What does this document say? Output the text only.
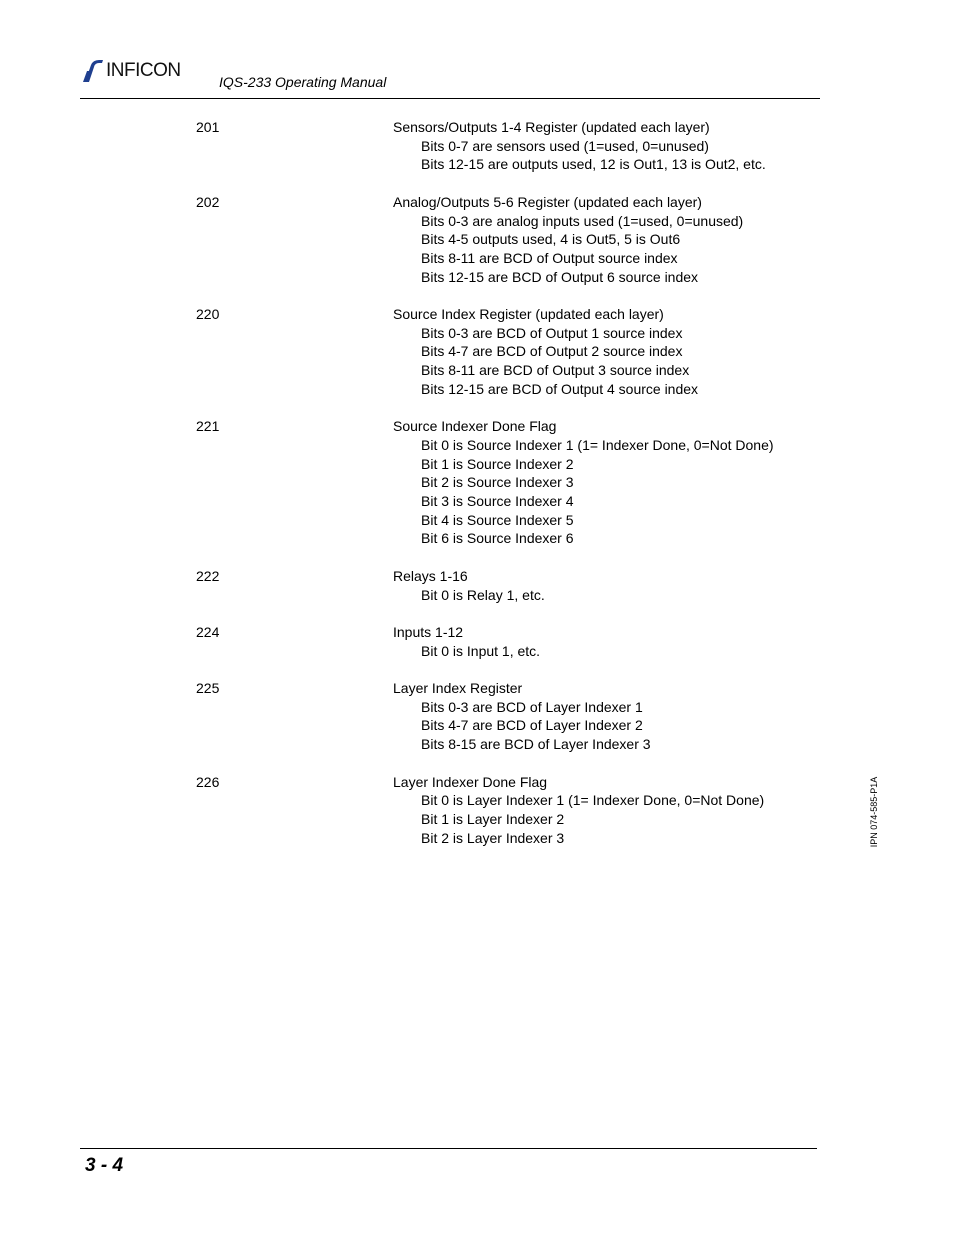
INFICON
IQS-233 Operating Manual
201	Sensors/Outputs 1-4 Register (updated each layer)
Bits 0-7 are sensors used (1=used, 0=unused)
Bits 12-15 are outputs used, 12 is Out1, 13 is Out2, etc.
202	Analog/Outputs 5-6 Register (updated each layer)
Bits 0-3 are analog inputs used (1=used, 0=unused)
Bits 4-5 outputs used, 4 is Out5, 5 is Out6
Bits 8-11 are BCD of Output source index
Bits 12-15 are BCD of Output 6 source index
220	Source Index Register (updated each layer)
Bits 0-3 are BCD of Output 1 source index
Bits 4-7 are BCD of Output 2 source index
Bits 8-11 are BCD of Output 3 source index
Bits 12-15 are BCD of Output 4 source index
221	Source Indexer Done Flag
Bit 0 is Source Indexer 1 (1= Indexer Done, 0=Not Done)
Bit 1 is Source Indexer 2
Bit 2 is Source Indexer 3
Bit 3 is Source Indexer 4
Bit 4 is Source Indexer 5
Bit 6 is Source Indexer 6
222	Relays 1-16
Bit 0 is Relay 1, etc.
224	Inputs 1-12
Bit 0 is Input 1, etc.
225	Layer Index Register
Bits 0-3 are BCD of Layer Indexer 1
Bits 4-7 are BCD of Layer Indexer 2
Bits 8-15 are BCD of Layer Indexer 3
226	Layer Indexer Done Flag
Bit 0 is Layer Indexer 1 (1= Indexer Done, 0=Not Done)
Bit 1 is Layer Indexer 2
Bit 2 is Layer Indexer 3	IPN 074-585-P1A
3 - 4
